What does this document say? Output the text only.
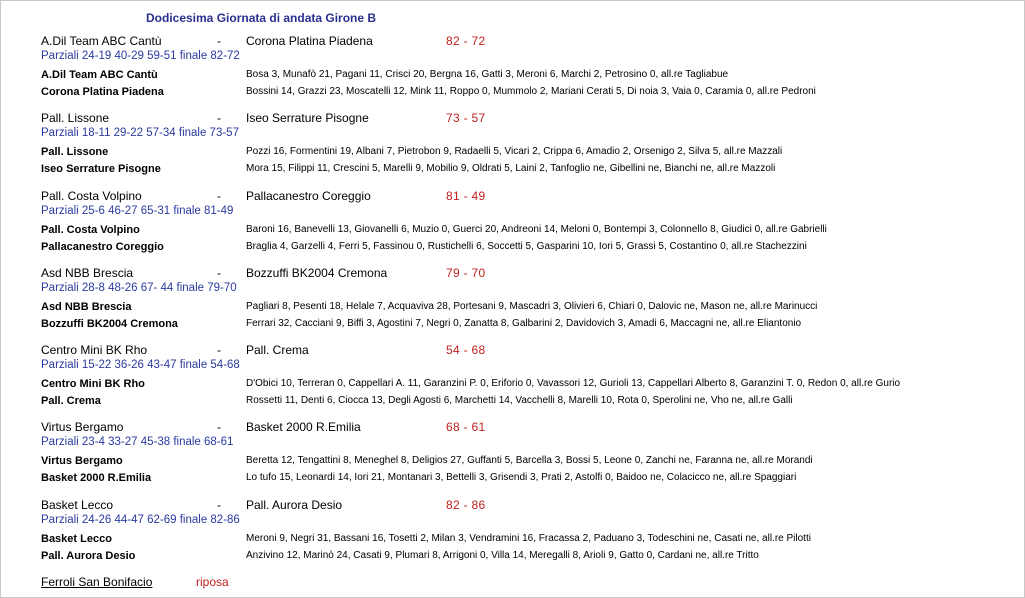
Dodicesima Giornata di andata Girone B
A.Dil Team ABC Cantù	- Corona Platina Piadena	82 - 72
Parziali 24-19 40-29 59-51 finale 82-72
A.Dil Team ABC Cantù	Bosa 3, Munafò 21, Pagani 11, Crisci 20, Bergna 16, Gatti 3, Meroni 6, Marchi 2, Petrosino 0, all.re Tagliabue
Corona Platina Piadena	Bossini 14, Grazzi 23, Moscatelli 12, Mink 11, Roppo 0, Mummolo 2, Mariani Cerati 5, Di noia 3, Vaia 0, Caramia 0, all.re Pedroni
Pall. Lissone	- Iseo Serrature Pisogne	73 - 57
Parziali 18-11 29-22 57-34 finale 73-57
Pall. Lissone	Pozzi 16, Formentini 19, Albani 7, Pietrobon 9, Radaelli 5, Vicari 2, Crippa 6, Amadio 2, Orsenigo 2, Silva 5, all.re Mazzali
Iseo Serrature Pisogne	Mora 15, Filippi 11, Crescini 5, Marelli 9, Mobilio 9, Oldrati 5, Laini 2, Tanfoglio ne, Gibellini ne, Bianchi ne, all.re Mazzoli
Pall. Costa Volpino	- Pallacanestro Coreggio	81 - 49
Parziali 25-6 46-27 65-31 finale 81-49
Pall. Costa Volpino	Baroni 16, Banevelli 13, Giovanelli 6, Muzio 0, Guerci 20, Andreoni 14, Meloni 0, Bontempi 3, Colonnello 8, Giudici 0, all.re Gabrielli
Pallacanestro Coreggio	Braglia 4, Garzelli 4, Ferri 5, Fassinou 0, Rustichelli 6, Soccetti 5, Gasparini 10, Iori 5, Grassi 5, Costantino 0, all.re Stachezzini
Asd NBB Brescia	- Bozzuffi BK2004 Cremona	79 - 70
Parziali 28-8 48-26 67- 44 finale 79-70
Asd NBB Brescia	Pagliari 8, Pesenti 18, Helale 7, Acquaviva 28, Portesani 9, Mascadri 3, Olivieri 6, Chiari 0, Dalovic ne, Mason ne, all.re Marinucci
Bozzuffi BK2004 Cremona	Ferrari 32, Cacciani 9, Biffi 3, Agostini 7, Negri 0, Zanatta 8, Galbarini 2, Davidovich 3, Amadi 6, Maccagni ne, all.re Eliantonio
Centro Mini BK Rho	- Pall. Crema	54 - 68
Parziali 15-22 36-26 43-47 finale 54-68
Centro Mini BK Rho	D'Obici 10, Terreran 0, Cappellari A. 11, Garanzini P. 0, Eriforio 0, Vavassori 12, Gurioli 13, Cappellari Alberto 8, Garanzini T. 0, Redon 0, all.re Gurio
Pall. Crema	Rossetti 11, Denti 6, Ciocca 13, Degli Agosti 6, Marchetti 14, Vacchelli 8, Marelli 10, Rota 0, Sperolini ne, Vho ne, all.re Galli
Virtus Bergamo	- Basket 2000 R.Emilia	68 - 61
Parziali 23-4 33-27 45-38 finale 68-61
Virtus Bergamo	Beretta 12, Tengattini 8, Meneghel 8, Deligios 27, Guffanti 5, Barcella 3, Bossi 5, Leone 0, Zanchi ne, Faranna ne, all.re Morandi
Basket 2000 R.Emilia	Lo tufo 15, Leonardi 14, Iori 21, Montanari 3, Bettelli 3, Grisendi 3, Prati 2, Astolfi 0, Baidoo ne, Colacicco ne, all.re Spaggiari
Basket Lecco	- Pall. Aurora Desio	82 - 86
Parziali 24-26 44-47 62-69 finale 82-86
Basket Lecco	Meroni 9, Negri 31, Bassani 16, Tosetti 2, Milan 3, Vendramini 16, Fracassa 2, Paduano 3, Todeschini ne, Casati ne, all.re Pilotti
Pall. Aurora Desio	Anzivino 12, Marinò 24, Casati 9, Plumari 8, Arrigoni 0, Villa 14, Meregalli 8, Arioli 9, Gatto 0, Cardani ne, all.re Tritto
Ferroli San Bonifacio	riposa
